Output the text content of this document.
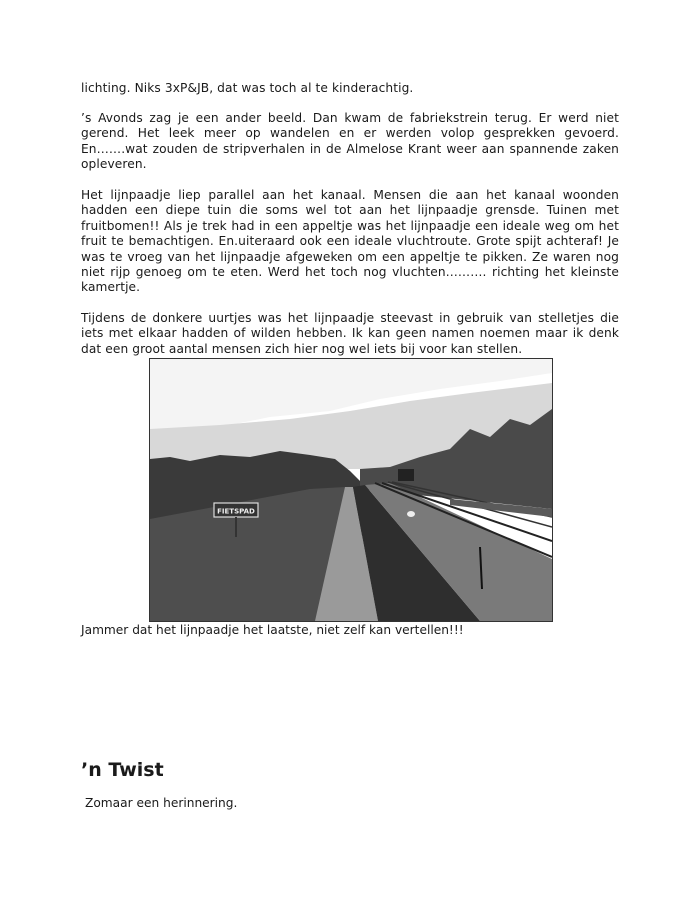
lichting. Niks 3xP&JB, dat was toch al te kinderachtig.

’s Avonds zag je een ander beeld. Dan kwam de fabriekstrein terug. Er werd niet gerend. Het leek meer op wandelen en er werden volop gesprekken gevoerd. En…….wat zouden de stripverhalen in de Almelose Krant weer aan spannende zaken opleveren.

Het lijnpaadje liep parallel aan het kanaal. Mensen die aan het kanaal woonden hadden een diepe tuin die soms wel tot aan het lijnpaadje grensde. Tuinen met fruitbomen!! Als je trek had in een appeltje was het lijnpaadje een ideale weg om het fruit te bemachtigen. En.uiteraard ook een ideale vluchtroute. Grote spijt achteraf! Je was te vroeg van het lijnpaadje afgeweken om een appeltje te pikken. Ze waren nog niet rijp genoeg om te eten. Werd het toch nog vluchten………. richting het kleinste kamertje.

Tijdens de donkere uurtjes was het lijnpaadje steevast in gebruik van stelletjes die iets met elkaar hadden of wilden hebben. Ik kan geen namen noemen maar ik denk dat een groot aantal mensen zich hier nog wel iets bij voor kan stellen.

FIETSPAD

Jammer dat het lijnpaadje het laatste, niet zelf kan vertellen!!!

’n Twist

Zomaar een herinnering.
